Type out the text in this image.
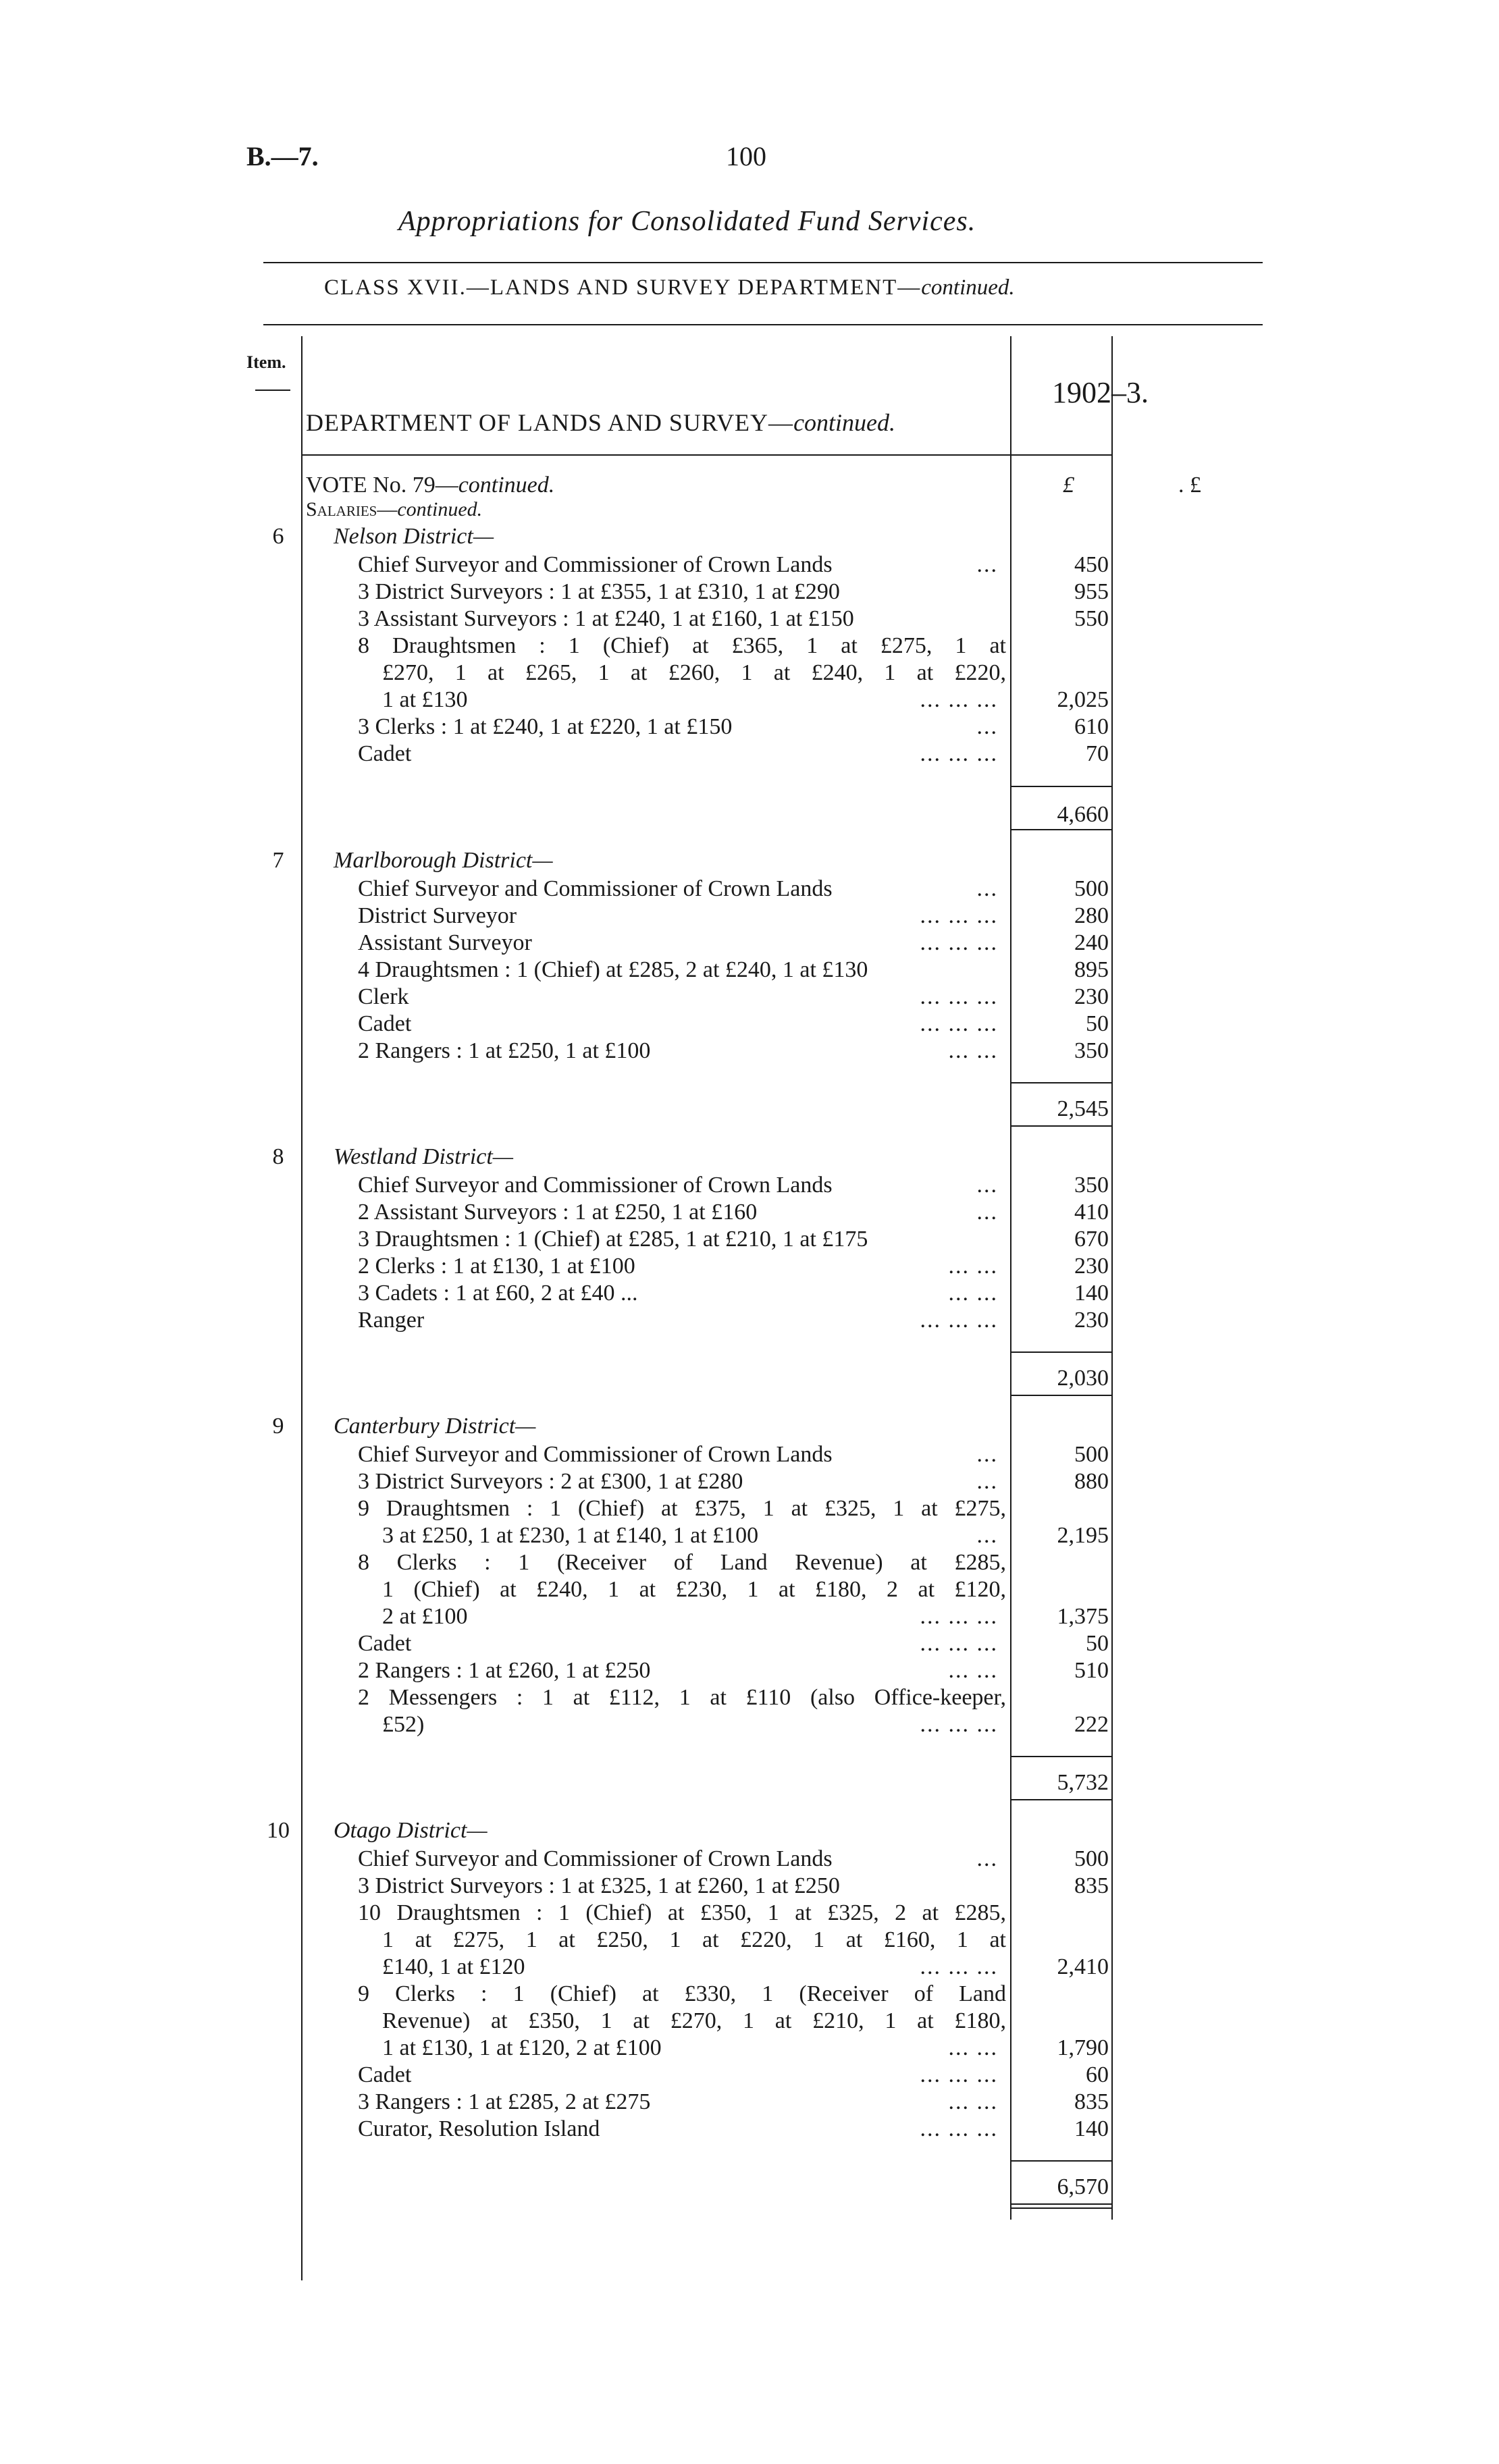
B.—7.	100
Appropriations for Consolidated Fund Services.
CLASS XVII.—LANDS AND SURVEY DEPARTMENT—continued.
Item.
1902–3.
DEPARTMENT OF LANDS AND SURVEY—continued.
£	. £
VOTE No. 79—continued.
Salaries—continued.
6	Nelson District—
Chief Surveyor and Commissioner of Crown Lands	...	450
3 District Surveyors : 1 at £355, 1 at £310, 1 at £290	955
3 Assistant Surveyors : 1 at £240, 1 at £160, 1 at £150	550
8 Draughtsmen : 1 (Chief) at £365, 1 at £275, 1 at
£270, 1 at £265, 1 at £260, 1 at £240, 1 at £220,
1 at £130	... ... ...	2,025
3 Clerks : 1 at £240, 1 at £220, 1 at £150	...	610
Cadet	... ... ...	70
4,660
7	Marlborough District—
Chief Surveyor and Commissioner of Crown Lands	...	500
District Surveyor	... ... ...	280
Assistant Surveyor	... ... ...	240
4 Draughtsmen : 1 (Chief) at £285, 2 at £240, 1 at £130	895
Clerk	... ... ...	230
Cadet	... ... ...	50
2 Rangers : 1 at £250, 1 at £100	... ...	350
2,545
8	Westland District—
Chief Surveyor and Commissioner of Crown Lands	...	350
2 Assistant Surveyors : 1 at £250, 1 at £160	...	410
3 Draughtsmen : 1 (Chief) at £285, 1 at £210, 1 at £175	670
2 Clerks : 1 at £130, 1 at £100	... ...	230
3 Cadets : 1 at £60, 2 at £40 ...	... ...	140
Ranger	... ... ...	230
2,030
9	Canterbury District—
Chief Surveyor and Commissioner of Crown Lands	...	500
3 District Surveyors : 2 at £300, 1 at £280	...	880
9 Draughtsmen : 1 (Chief) at £375, 1 at £325, 1 at £275,
3 at £250, 1 at £230, 1 at £140, 1 at £100	...	2,195
8 Clerks : 1 (Receiver of Land Revenue) at £285,
1 (Chief) at £240, 1 at £230, 1 at £180, 2 at £120,
2 at £100	... ... ...	1,375
Cadet	... ... ...	50
2 Rangers : 1 at £260, 1 at £250	... ...	510
2 Messengers : 1 at £112, 1 at £110 (also Office-keeper,
£52)	... ... ...	222
5,732
10	Otago District—
Chief Surveyor and Commissioner of Crown Lands	...	500
3 District Surveyors : 1 at £325, 1 at £260, 1 at £250	835
10 Draughtsmen : 1 (Chief) at £350, 1 at £325, 2 at £285,
1 at £275, 1 at £250, 1 at £220, 1 at £160, 1 at
£140, 1 at £120	... ... ...	2,410
9 Clerks : 1 (Chief) at £330, 1 (Receiver of Land
Revenue) at £350, 1 at £270, 1 at £210, 1 at £180,
1 at £130, 1 at £120, 2 at £100	... ...	1,790
Cadet	... ... ...	60
3 Rangers : 1 at £285, 2 at £275	... ...	835
Curator, Resolution Island	... ... ...	140
6,570
